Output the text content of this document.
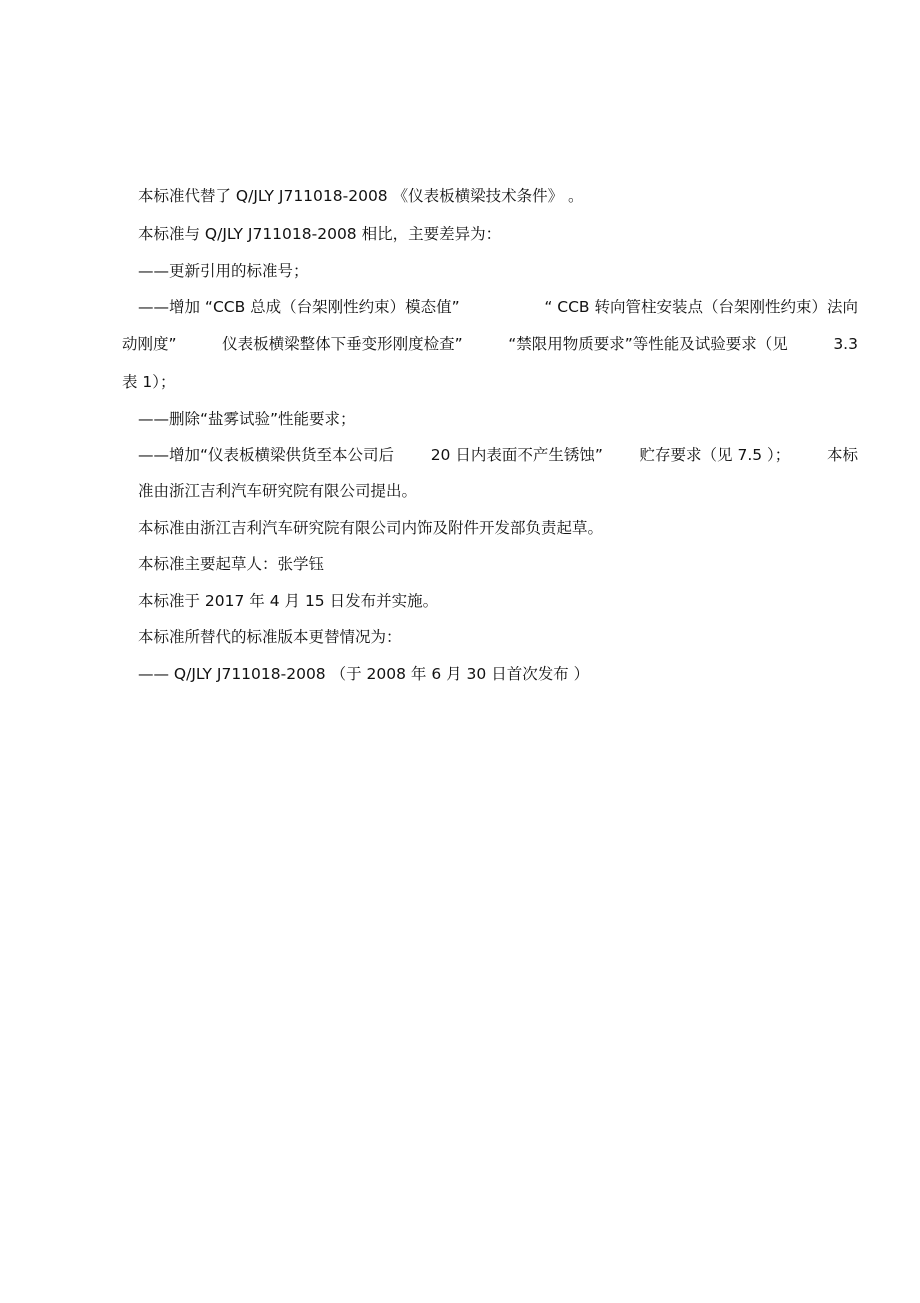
本标准代替了 Q/JLY J711018-2008 《仪表板横梁技术条件》 。
本标准与 Q/JLY J711018-2008 相比，主要差异为：
——更新引用的标准号；
——增加 “CCB 总成（台架刚性约束）模态值”	“ CCB 转向管柱安装点（台架刚性约束）法向
动刚度”	仪表板横梁整体下垂变形刚度检查”	“禁限用物质要求”等性能及试验要求（见	3.3
表 1）；
——删除“盐雾试验”性能要求；
——增加“仪表板横梁供货至本公司后 20 日内表面不产生锈蚀” 贮存要求（见 7.5 ）； 本标
准由浙江吉利汽车研究院有限公司提出。
本标准由浙江吉利汽车研究院有限公司内饰及附件开发部负责起草。
本标准主要起草人：张学钰
本标准于 2017 年 4 月 15 日发布并实施。
本标准所替代的标准版本更替情况为：
—— Q/JLY J711018-2008 （于 2008 年 6 月 30 日首次发布 ）
